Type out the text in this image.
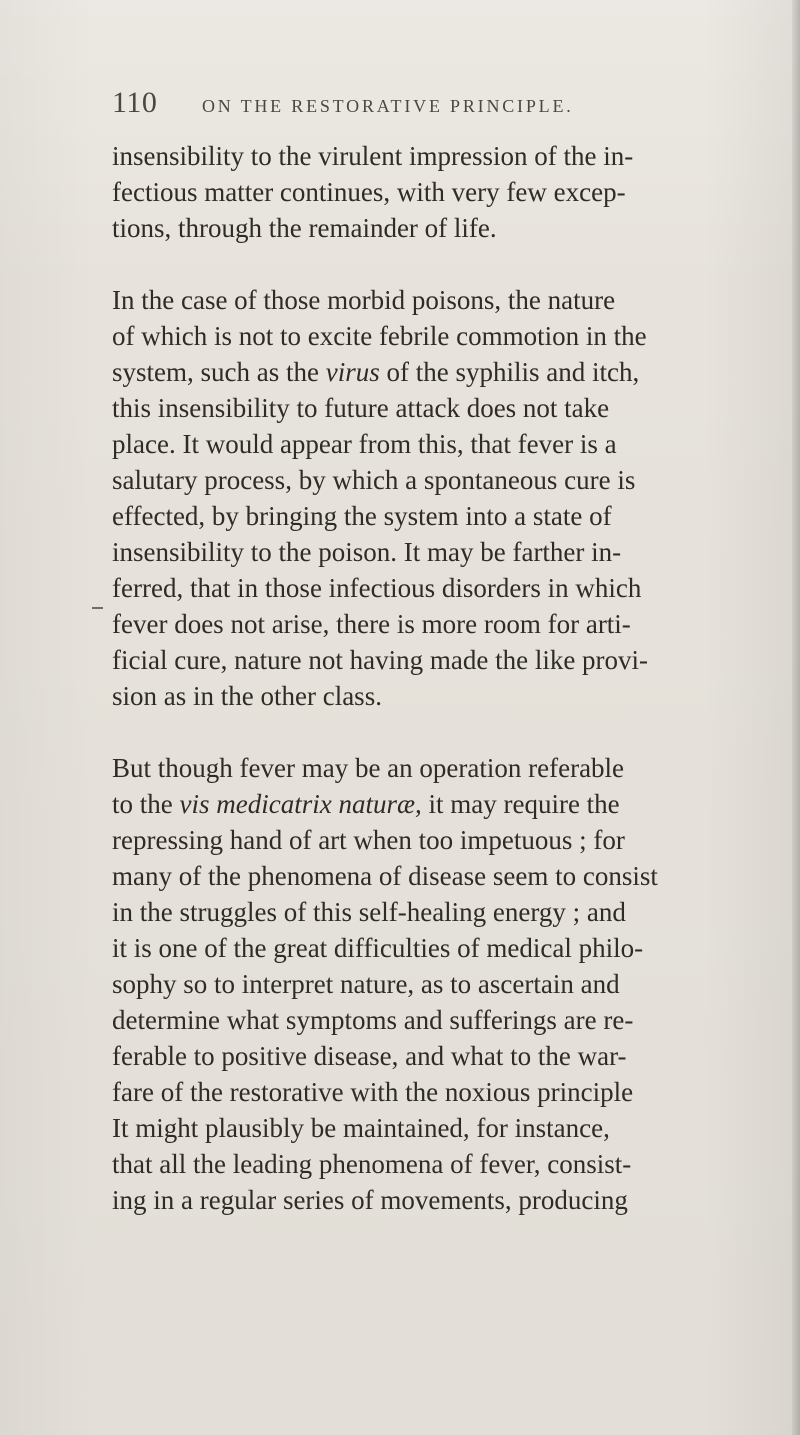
110 ON THE RESTORATIVE PRINCIPLE.
insensibility to the virulent impression of the in-
fectious matter continues, with very few excep-
tions, through the remainder of life.
In the case of those morbid poisons, the nature
of which is not to excite febrile commotion in the
system, such as the virus of the syphilis and itch,
this insensibility to future attack does not take
place. It would appear from this, that fever is a
salutary process, by which a spontaneous cure is
effected, by bringing the system into a state of
insensibility to the poison. It may be farther in-
ferred, that in those infectious disorders in which
fever does not arise, there is more room for arti-
ficial cure, nature not having made the like provi-
sion as in the other class.
But though fever may be an operation referable
to the vis medicatrix naturæ, it may require the
repressing hand of art when too impetuous ; for
many of the phenomena of disease seem to consist
in the struggles of this self-healing energy ; and
it is one of the great difficulties of medical philo-
sophy so to interpret nature, as to ascertain and
determine what symptoms and sufferings are re-
ferable to positive disease, and what to the war-
fare of the restorative with the noxious principle
It might plausibly be maintained, for instance,
that all the leading phenomena of fever, consist-
ing in a regular series of movements, producing
